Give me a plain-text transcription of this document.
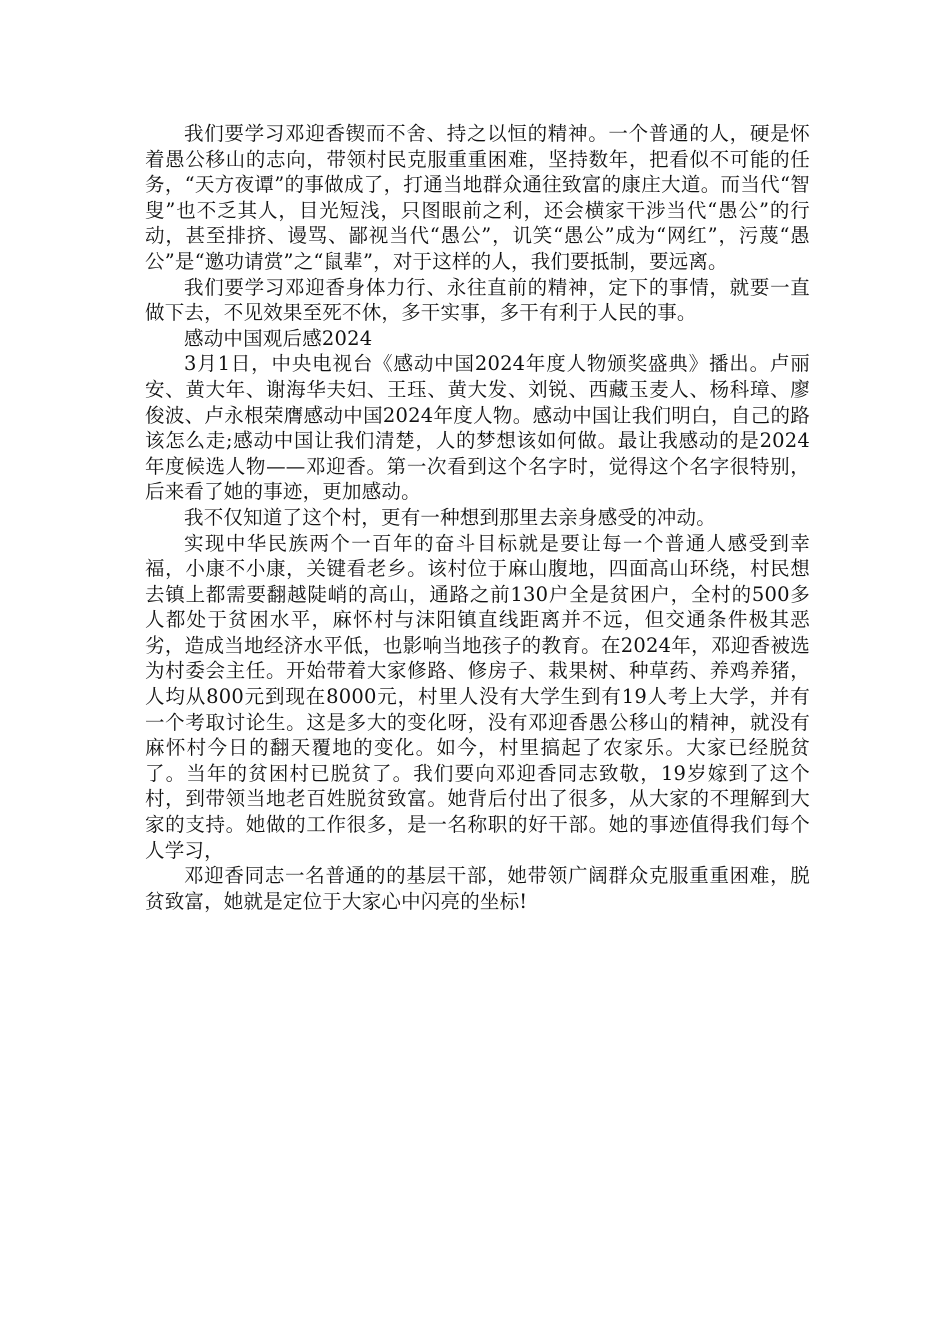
我们要学习邓迎香锲而不舍、持之以恒的精神。一个普通的人，硬是怀着愚公移山的志向，带领村民克服重重困难，坚持数年，把看似不可能的任务，“天方夜谭”的事做成了，打通当地群众通往致富的康庄大道。而当代“智叟”也不乏其人，目光短浅，只图眼前之利，还会横家干涉当代“愚公”的行动，甚至排挤、谩骂、鄙视当代“愚公”，讥笑“愚公”成为“网红”，污蔑“愚公”是“邀功请赏”之“鼠辈”，对于这样的人，我们要抵制，要远离。

我们要学习邓迎香身体力行、永往直前的精神，定下的事情，就要一直做下去，不见效果至死不休，多干实事，多干有利于人民的事。

感动中国观后感2024

3月1日，中央电视台《感动中国2024年度人物颁奖盛典》播出。卢丽安、黄大年、谢海华夫妇、王珏、黄大发、刘锐、西藏玉麦人、杨科璋、廖俊波、卢永根荣膺感动中国2024年度人物。感动中国让我们明白，自己的路该怎么走;感动中国让我们清楚，人的梦想该如何做。最让我感动的是2024年度候选人物——邓迎香。第一次看到这个名字时，觉得这个名字很特别，后来看了她的事迹，更加感动。

我不仅知道了这个村，更有一种想到那里去亲身感受的冲动。

实现中华民族两个一百年的奋斗目标就是要让每一个普通人感受到幸福，小康不小康，关键看老乡。该村位于麻山腹地，四面高山环绕，村民想去镇上都需要翻越陡峭的高山，通路之前130户全是贫困户，全村的500多人都处于贫困水平，麻怀村与沫阳镇直线距离并不远，但交通条件极其恶劣，造成当地经济水平低，也影响当地孩子的教育。在2024年，邓迎香被选为村委会主任。开始带着大家修路、修房子、栽果树、种草药、养鸡养猪，人均从800元到现在8000元，村里人没有大学生到有19人考上大学，并有一个考取讨论生。这是多大的变化呀，没有邓迎香愚公移山的精神，就没有麻怀村今日的翻天覆地的变化。如今，村里搞起了农家乐。大家已经脱贫了。当年的贫困村已脱贫了。我们要向邓迎香同志致敬，19岁嫁到了这个村，到带领当地老百姓脱贫致富。她背后付出了很多，从大家的不理解到大家的支持。她做的工作很多，是一名称职的好干部。她的事迹值得我们每个人学习，

邓迎香同志一名普通的的基层干部，她带领广阔群众克服重重困难，脱贫致富，她就是定位于大家心中闪亮的坐标!
